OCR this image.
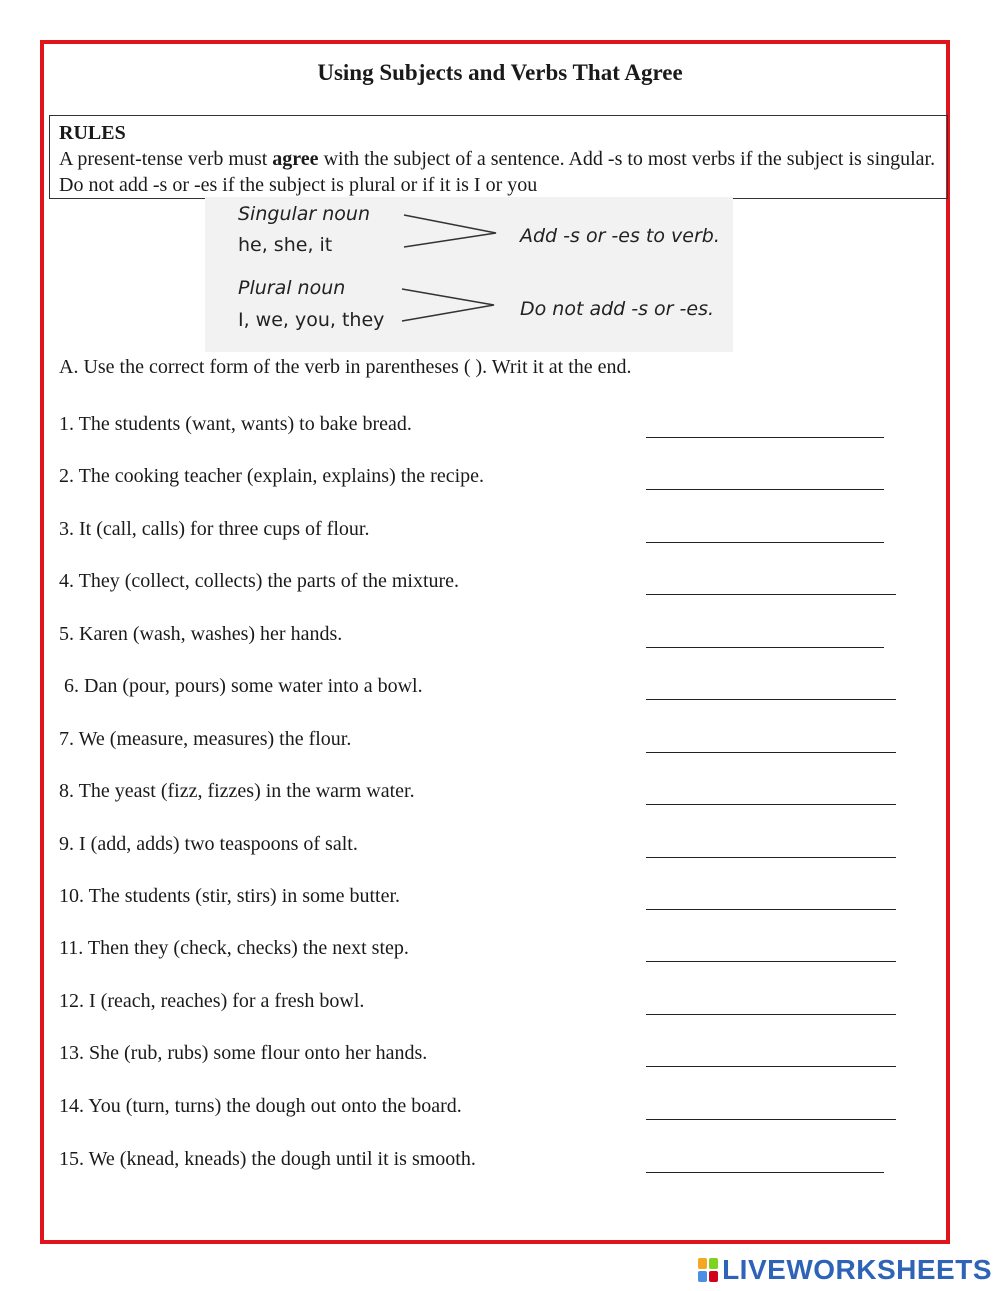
Using Subjects and Verbs That Agree
RULES
A present-tense verb must agree with the subject of a sentence. Add -s to most verbs if the subject is singular. Do not add -s or -es if the subject is plural or if it is I or you
Singular noun
he, she, it	Add -s or -es to verb.
Plural noun
I, we, you, they	Do not add -s or -es.
A. Use the correct form of the verb in parentheses ( ). Writ it at the end.
1. The students (want, wants) to bake bread.
2. The cooking teacher (explain, explains) the recipe.
3. It (call, calls) for three cups of flour.
4. They (collect, collects) the parts of the mixture.
5. Karen (wash, washes) her hands.
6. Dan (pour, pours) some water into a bowl.
7. We (measure, measures) the flour.
8. The yeast (fizz, fizzes) in the warm water.
9. I (add, adds) two teaspoons of salt.
10. The students (stir, stirs) in some butter.
11. Then they (check, checks) the next step.
12. I (reach, reaches) for a fresh bowl.
13. She (rub, rubs) some flour onto her hands.
14. You (turn, turns) the dough out onto the board.
15. We (knead, kneads) the dough until it is smooth.
LIVEWORKSHEETS
